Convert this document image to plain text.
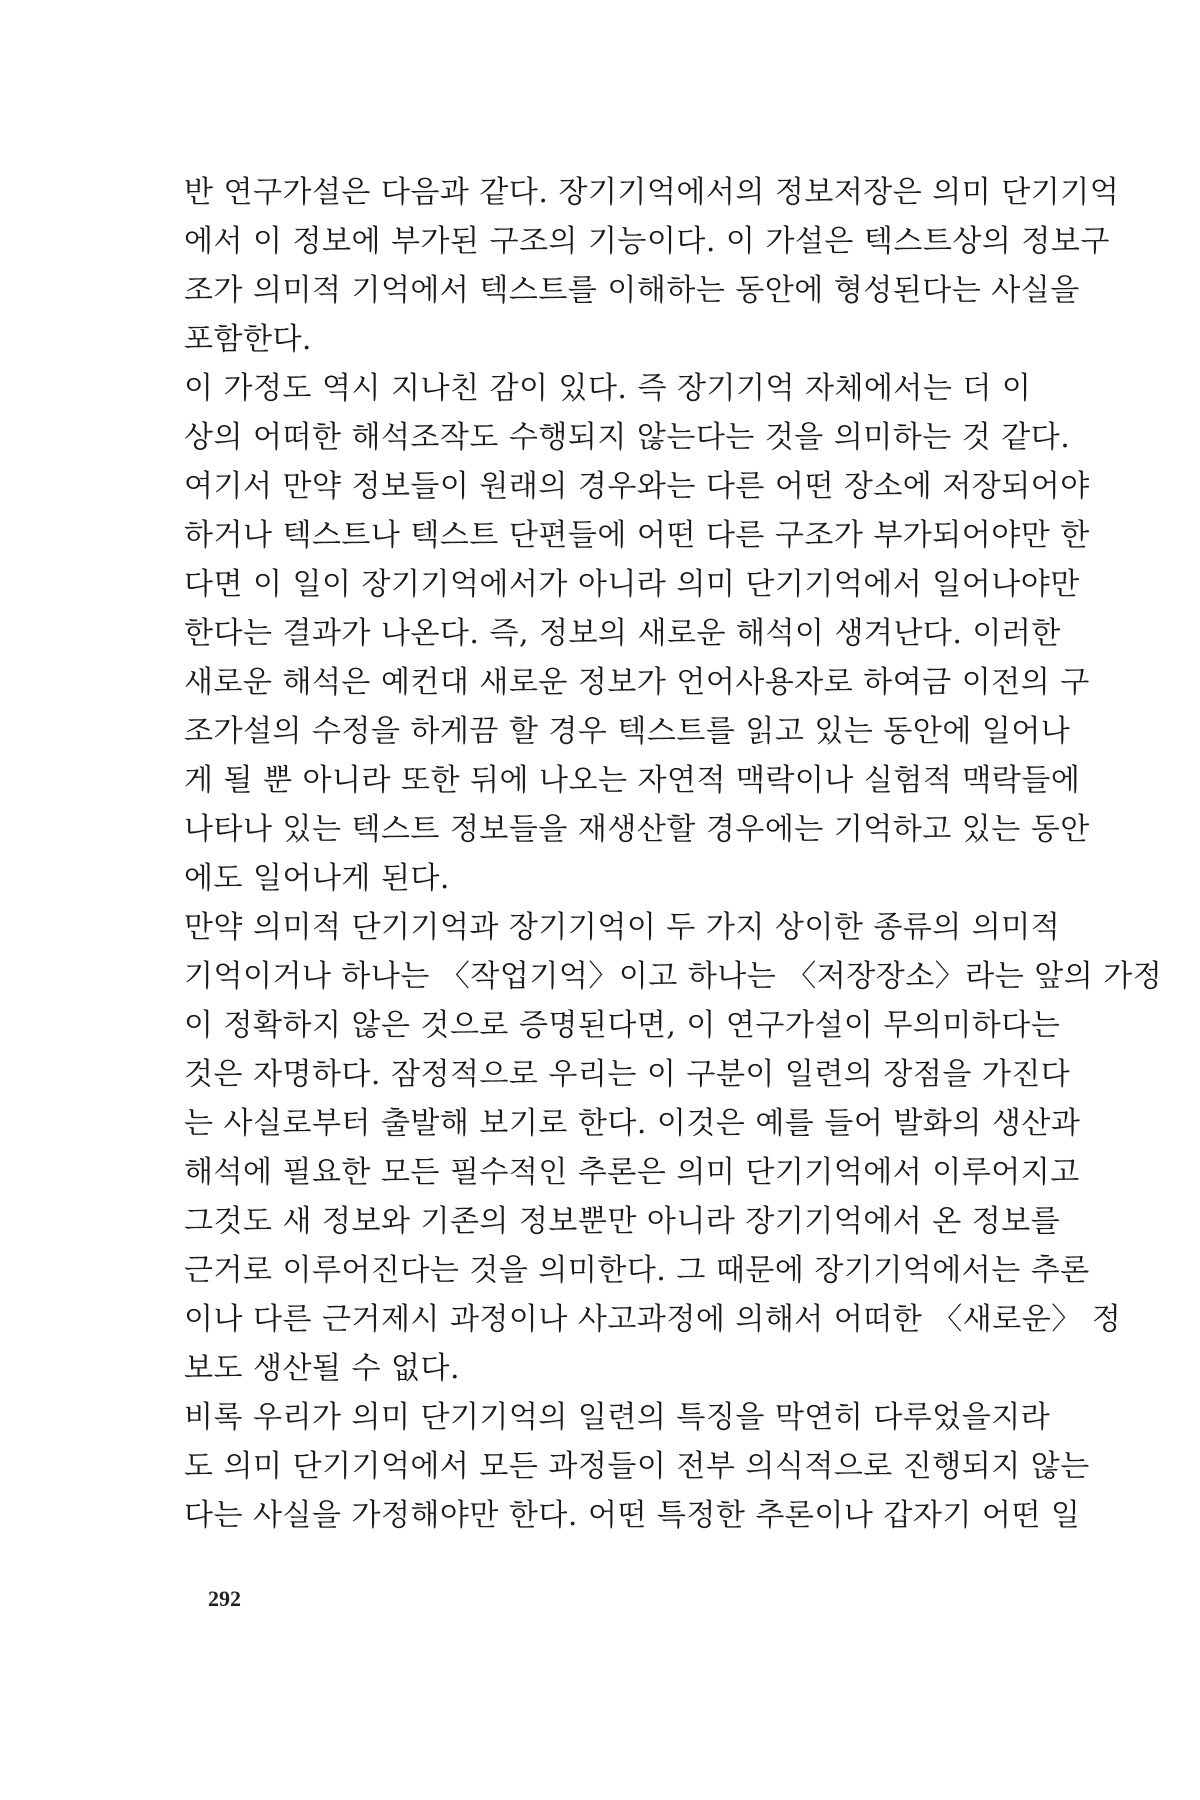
반 연구가설은 다음과 같다. 장기기억에서의 정보저장은 의미 단기기억
에서 이 정보에 부가된 구조의 기능이다. 이 가설은 텍스트상의 정보구
조가 의미적 기억에서 텍스트를 이해하는 동안에 형성된다는 사실을
포함한다.
이 가정도 역시 지나친 감이 있다. 즉 장기기억 자체에서는 더 이
상의 어떠한 해석조작도 수행되지 않는다는 것을 의미하는 것 같다.
여기서 만약 정보들이 원래의 경우와는 다른 어떤 장소에 저장되어야
하거나 텍스트나 텍스트 단편들에 어떤 다른 구조가 부가되어야만 한
다면 이 일이 장기기억에서가 아니라 의미 단기기억에서 일어나야만
한다는 결과가 나온다. 즉, 정보의 새로운 해석이 생겨난다. 이러한
새로운 해석은 예컨대 새로운 정보가 언어사용자로 하여금 이전의 구
조가설의 수정을 하게끔 할 경우 텍스트를 읽고 있는 동안에 일어나
게 될 뿐 아니라 또한 뒤에 나오는 자연적 맥락이나 실험적 맥락들에
나타나 있는 텍스트 정보들을 재생산할 경우에는 기억하고 있는 동안
에도 일어나게 된다.
만약 의미적 단기기억과 장기기억이 두 가지 상이한 종류의 의미적
기억이거나 하나는 〈작업기억〉이고 하나는 〈저장장소〉라는 앞의 가정
이 정확하지 않은 것으로 증명된다면, 이 연구가설이 무의미하다는
것은 자명하다. 잠정적으로 우리는 이 구분이 일련의 장점을 가진다
는 사실로부터 출발해 보기로 한다. 이것은 예를 들어 발화의 생산과
해석에 필요한 모든 필수적인 추론은 의미 단기기억에서 이루어지고
그것도 새 정보와 기존의 정보뿐만 아니라 장기기억에서 온 정보를
근거로 이루어진다는 것을 의미한다. 그 때문에 장기기억에서는 추론
이나 다른 근거제시 과정이나 사고과정에 의해서 어떠한 〈새로운〉 정
보도 생산될 수 없다.
비록 우리가 의미 단기기억의 일련의 특징을 막연히 다루었을지라
도 의미 단기기억에서 모든 과정들이 전부 의식적으로 진행되지 않는
다는 사실을 가정해야만 한다. 어떤 특정한 추론이나 갑자기 어떤 일
292
